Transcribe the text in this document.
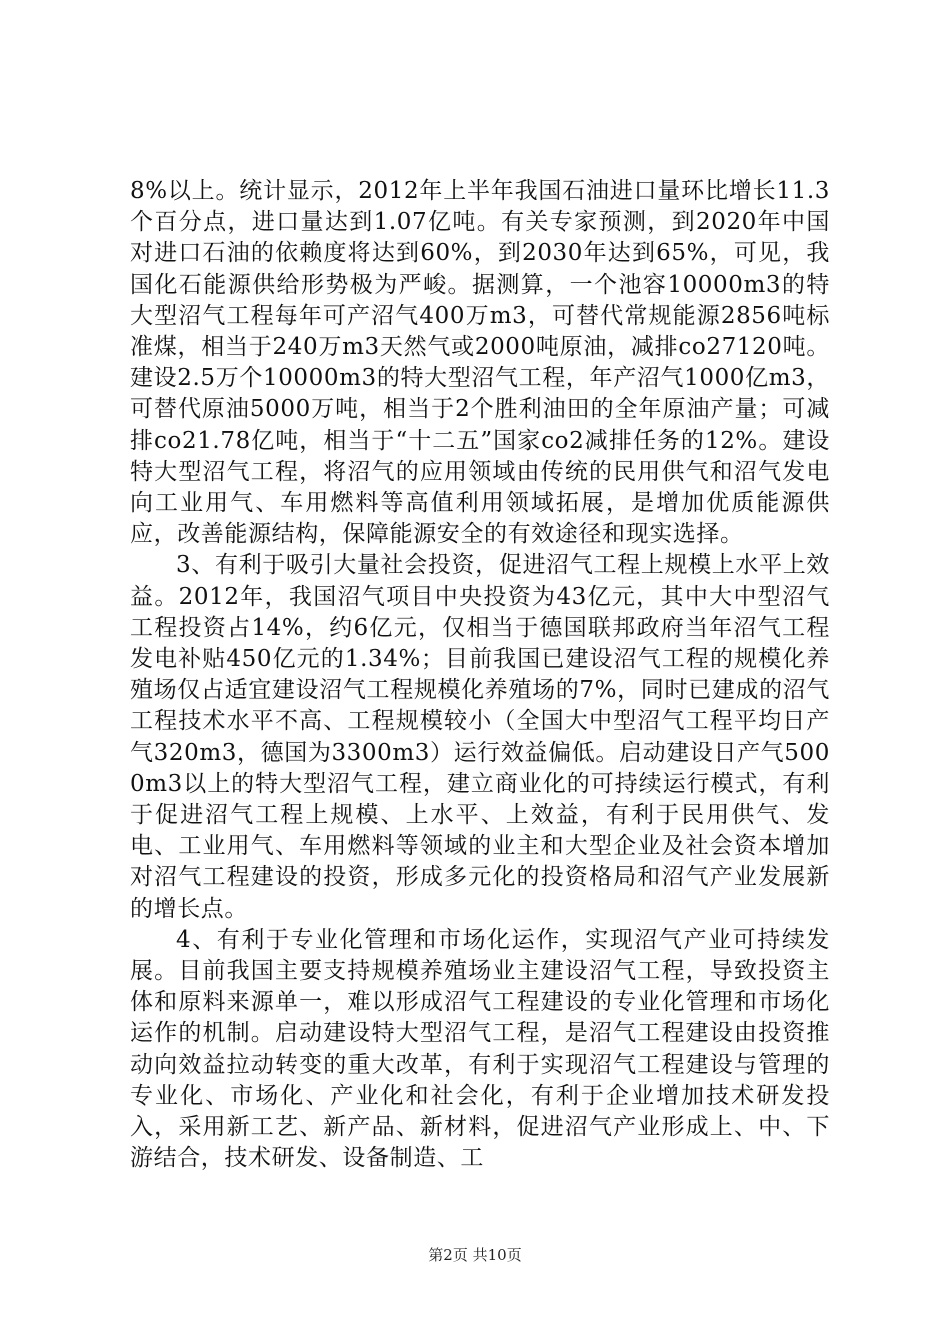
8%以上。统计显示，2012年上半年我国石油进口量环比增长11.3个百分点，进口量达到1.07亿吨。有关专家预测，到2020年中国对进口石油的依赖度将达到60%，到2030年达到65%，可见，我国化石能源供给形势极为严峻。据测算，一个池容10000m3的特大型沼气工程每年可产沼气400万m3，可替代常规能源2856吨标准煤，相当于240万m3天然气或2000吨原油，减排co27120吨。建设2.5万个10000m3的特大型沼气工程，年产沼气1000亿m3，可替代原油5000万吨，相当于2个胜利油田的全年原油产量；可减排co21.78亿吨，相当于“十二五”国家co2减排任务的12%。建设特大型沼气工程，将沼气的应用领域由传统的民用供气和沼气发电向工业用气、车用燃料等高值利用领域拓展，是增加优质能源供应，改善能源结构，保障能源安全的有效途径和现实选择。

3、有利于吸引大量社会投资，促进沼气工程上规模上水平上效益。2012年，我国沼气项目中央投资为43亿元，其中大中型沼气工程投资占14%，约6亿元，仅相当于德国联邦政府当年沼气工程发电补贴450亿元的1.34%；目前我国已建设沼气工程的规模化养殖场仅占适宜建设沼气工程规模化养殖场的7%，同时已建成的沼气工程技术水平不高、工程规模较小（全国大中型沼气工程平均日产气320m3，德国为3300m3）运行效益偏低。启动建设日产气5000m3以上的特大型沼气工程，建立商业化的可持续运行模式，有利于促进沼气工程上规模、上水平、上效益，有利于民用供气、发电、工业用气、车用燃料等领域的业主和大型企业及社会资本增加对沼气工程建设的投资，形成多元化的投资格局和沼气产业发展新的增长点。

4、有利于专业化管理和市场化运作，实现沼气产业可持续发展。目前我国主要支持规模养殖场业主建设沼气工程，导致投资主体和原料来源单一，难以形成沼气工程建设的专业化管理和市场化运作的机制。启动建设特大型沼气工程，是沼气工程建设由投资推动向效益拉动转变的重大改革，有利于实现沼气工程建设与管理的专业化、市场化、产业化和社会化，有利于企业增加技术研发投入，采用新工艺、新产品、新材料，促进沼气产业形成上、中、下游结合，技术研发、设备制造、工

第2页 共10页
